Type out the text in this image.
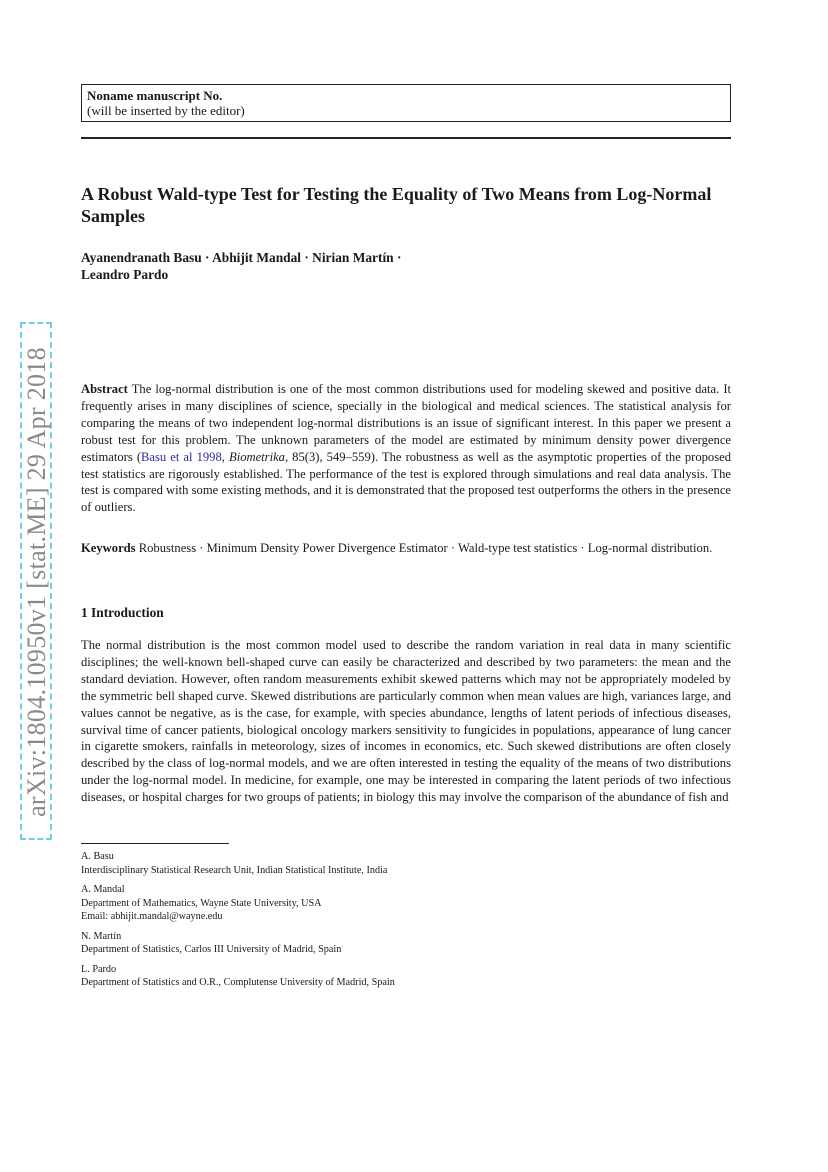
arXiv:1804.10950v1 [stat.ME] 29 Apr 2018
Noname manuscript No.
(will be inserted by the editor)
A Robust Wald-type Test for Testing the Equality of Two Means from Log-Normal Samples
Ayanendranath Basu · Abhijit Mandal · Nirian Martín ·
Leandro Pardo
Abstract The log-normal distribution is one of the most common distributions used for modeling skewed and positive data. It frequently arises in many disciplines of science, specially in the biological and medical sciences. The statistical analysis for comparing the means of two independent log-normal distributions is an issue of significant interest. In this paper we present a robust test for this problem. The unknown parameters of the model are estimated by minimum density power divergence estimators (Basu et al 1998, Biometrika, 85(3), 549–559). The robustness as well as the asymptotic properties of the proposed test statistics are rigorously established. The performance of the test is explored through simulations and real data analysis. The test is compared with some existing methods, and it is demonstrated that the proposed test outperforms the others in the presence of outliers.
Keywords Robustness · Minimum Density Power Divergence Estimator · Wald-type test statistics · Log-normal distribution.
1 Introduction
The normal distribution is the most common model used to describe the random variation in real data in many scientific disciplines; the well-known bell-shaped curve can easily be characterized and described by two parameters: the mean and the standard deviation. However, often random measurements exhibit skewed patterns which may not be appropriately modeled by the symmetric bell shaped curve. Skewed distributions are particularly common when mean values are high, variances large, and values cannot be negative, as is the case, for example, with species abundance, lengths of latent periods of infectious diseases, survival time of cancer patients, biological oncology markers sensitivity to fungicides in populations, appearance of lung cancer in cigarette smokers, rainfalls in meteorology, sizes of incomes in economics, etc. Such skewed distributions are often closely described by the class of log-normal models, and we are often interested in testing the equality of the means of two distributions under the log-normal model. In medicine, for example, one may be interested in comparing the latent periods of two infectious diseases, or hospital charges for two groups of patients; in biology this may involve the comparison of the abundance of fish and
A. Basu
Interdisciplinary Statistical Research Unit, Indian Statistical Institute, India
A. Mandal
Department of Mathematics, Wayne State University, USA
Email: abhijit.mandal@wayne.edu
N. Martín
Department of Statistics, Carlos III University of Madrid, Spain
L. Pardo
Department of Statistics and O.R., Complutense University of Madrid, Spain
